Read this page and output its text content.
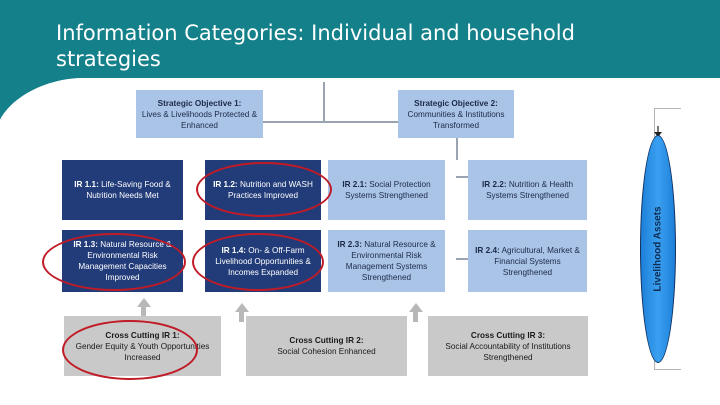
Information Categories: Individual and household strategies
Strategic Objective 1:
Lives & Livelihoods Protected & Enhanced
Strategic Objective 2:
Communities & Institutions Transformed
IR 1.1: Life-Saving Food & Nutrition Needs Met
IR 1.2: Nutrition and WASH Practices Improved
IR 2.1: Social Protection Systems Strengthened
IR 2.2: Nutrition & Health Systems Strengthened
IR 1.3: Natural Resource & Environmental Risk Management Capacities Improved
IR 1.4: On- & Off-Farm Livelihood Opportunities & Incomes Expanded
IR 2.3: Natural Resource & Environmental Risk Management Systems Strengthened
IR 2.4: Agricultural, Market & Financial Systems Strengthened
Cross Cutting IR 1:
Gender Equity & Youth Opportunities Increased
Cross Cutting IR 2:
Social Cohesion Enhanced
Cross Cutting IR 3:
Social Accountability of Institutions Strengthened
Livelihood Assets
